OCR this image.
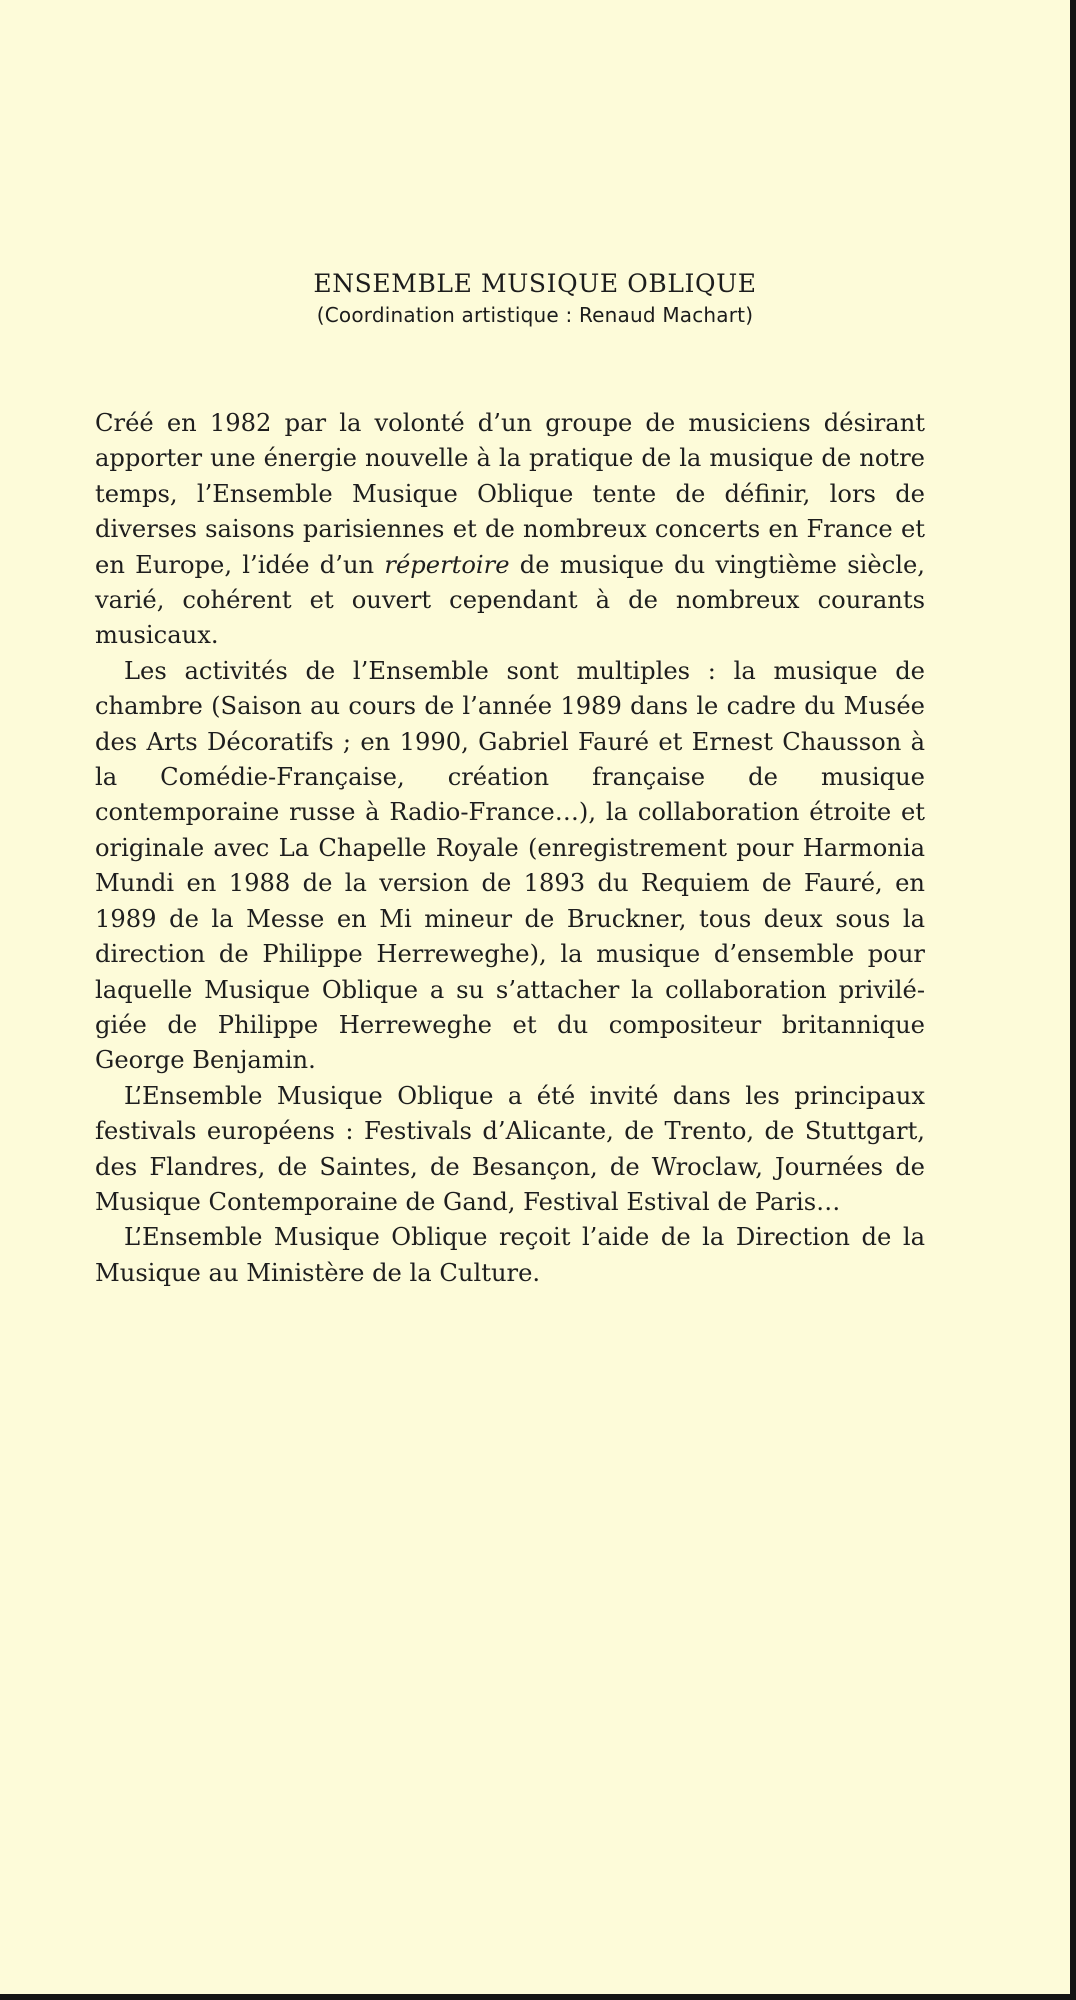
ENSEMBLE MUSIQUE OBLIQUE
(Coordination artistique : Renaud Machart)

Créé en 1982 par la volonté d’un groupe de musiciens désirant apporter une énergie nouvelle à la pratique de la musique de notre temps, l’Ensemble Musique Oblique tente de définir, lors de diverses saisons parisiennes et de nombreux concerts en France et en Europe, l’idée d’un répertoire de musique du vingtième siècle, varié, cohérent et ouvert cependant à de nombreux courants musicaux.

Les activités de l’Ensemble sont multiples : la musique de chambre (Saison au cours de l’année 1989 dans le cadre du Musée des Arts Décoratifs ; en 1990, Gabriel Fauré et Ernest Chausson à la Comédie-Française, création française de musique contemporaine russe à Radio-France…), la collaboration étroite et originale avec La Chapelle Royale (enregistrement pour Harmonia Mundi en 1988 de la version de 1893 du Requiem de Fauré, en 1989 de la Messe en Mi mineur de Bruckner, tous deux sous la direction de Philippe Herreweghe), la musique d’ensemble pour laquelle Musique Oblique a su s’attacher la collaboration privilégiée de Philippe Herreweghe et du compositeur britannique George Benjamin.

L’Ensemble Musique Oblique a été invité dans les principaux festivals européens : Festivals d’Alicante, de Trento, de Stuttgart, des Flandres, de Saintes, de Besançon, de Wroclaw, Journées de Musique Contemporaine de Gand, Festival Estival de Paris…

L’Ensemble Musique Oblique reçoit l’aide de la Direction de la Musique au Ministère de la Culture.
